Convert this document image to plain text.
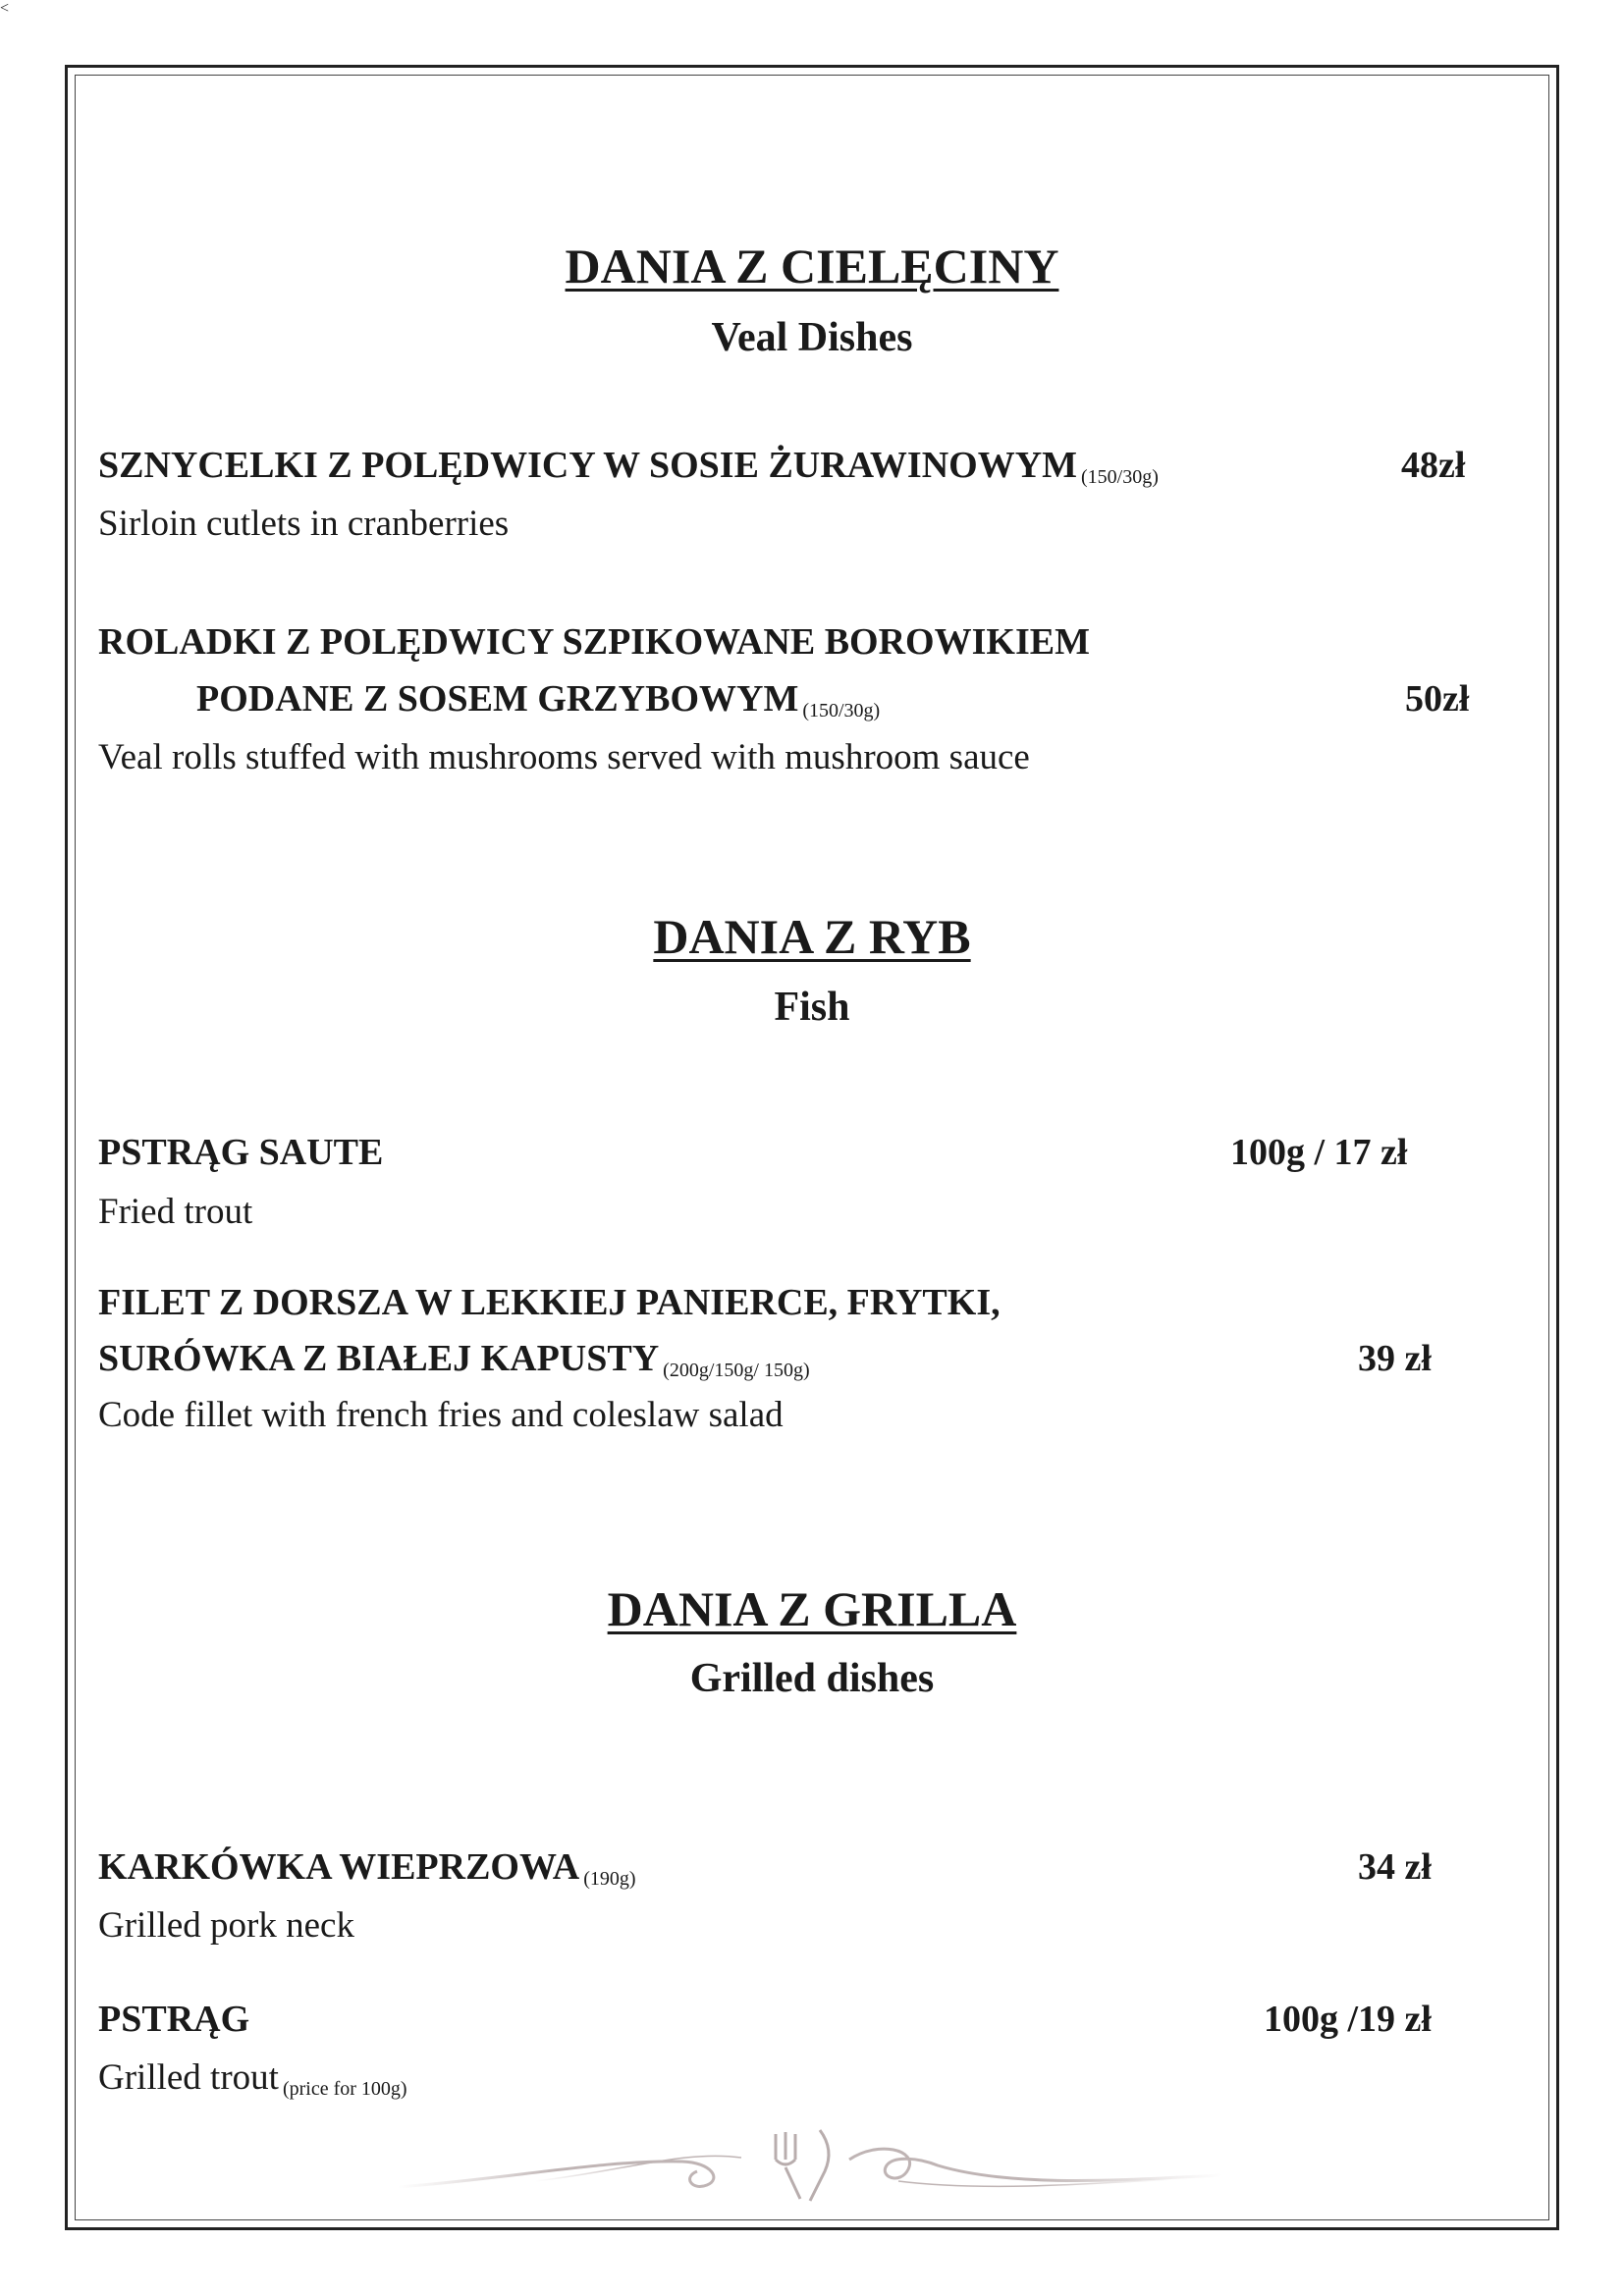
DANIA Z CIELĘCINY
Veal Dishes
SZNYCELKI Z POLĘDWICY W SOSIE ŻURAWINOWYM (150/30g)	48zł
Sirloin cutlets in cranberries
ROLADKI Z POLĘDWICY SZPIKOWANE BOROWIKIEM
PODANE Z SOSEM GRZYBOWYM (150/30g)	50zł
Veal rolls stuffed with mushrooms served with mushroom sauce
<
DANIA Z RYB
Fish
PSTRĄG SAUTE	100g / 17 zł
Fried trout
FILET Z DORSZA W LEKKIEJ PANIERCE, FRYTKI,
SURÓWKA Z BIAŁEJ KAPUSTY (200g/150g/ 150g)	39 zł
Code fillet with french fries and coleslaw salad
DANIA Z GRILLA
Grilled dishes
KARKÓWKA WIEPRZOWA (190g)	34 zł
Grilled pork neck
PSTRĄG	100g /19 zł
Grilled trout (price for 100g)
